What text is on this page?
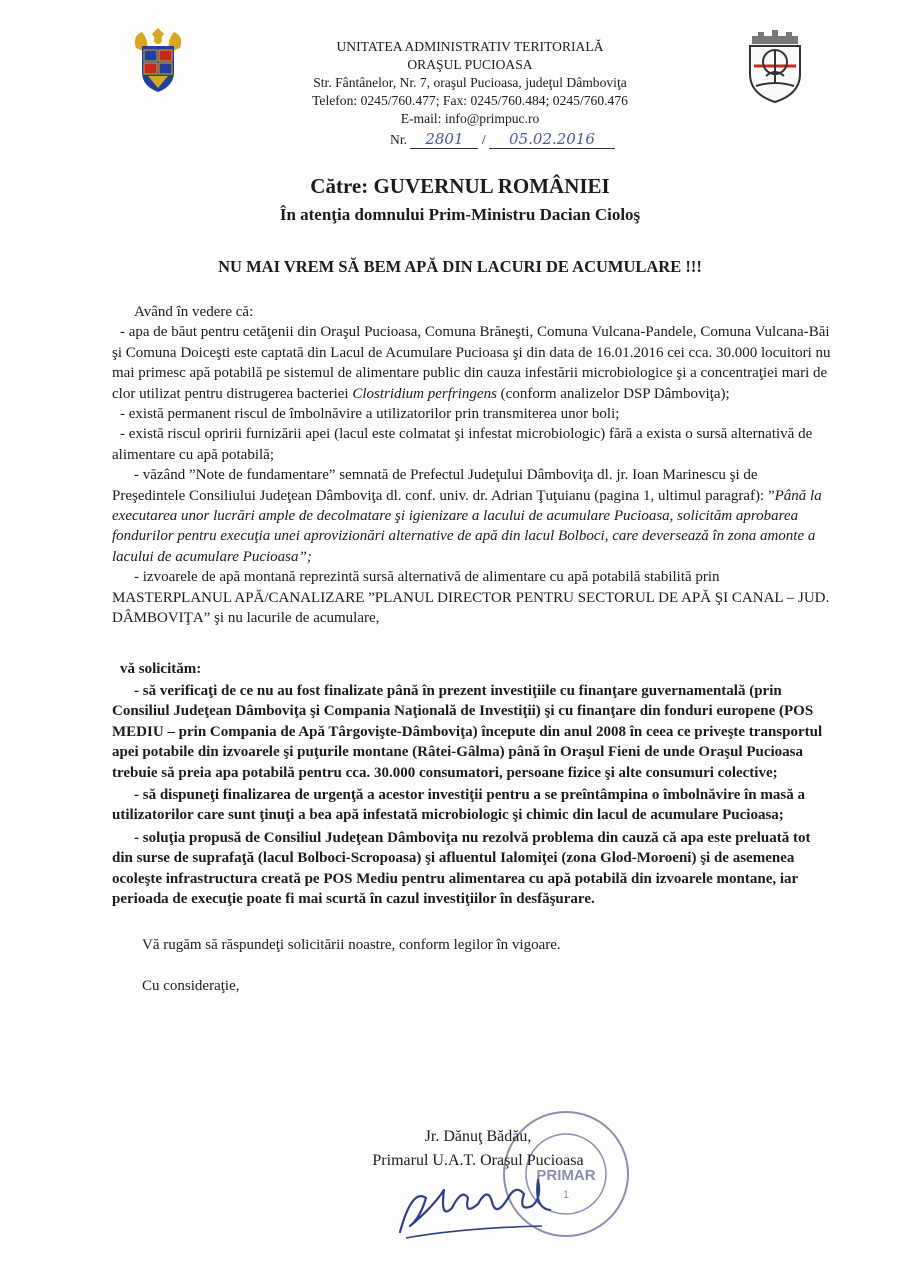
UNITATEA ADMINISTRATIV TERITORIALĂ
ORAŞUL PUCIOASA
Str. Fântânelor, Nr. 7, oraşul Pucioasa, judeţul Dâmboviţa
Telefon: 0245/760.477; Fax: 0245/760.484; 0245/760.476
E-mail: info@primpuc.ro
Nr. 2801 / 05.02.2016
Către: GUVERNUL ROMÂNIEI
În atenţia domnului Prim-Ministru Dacian Cioloş
NU MAI VREM SĂ BEM APĂ DIN LACURI DE ACUMULARE !!!

Având în vedere că:

- apa de băut pentru cetăţenii din Oraşul Pucioasa, Comuna Brăneşti, Comuna Vulcana-Pandele, Comuna Vulcana-Băi şi Comuna Doiceşti este captată din Lacul de Acumulare Pucioasa şi din data de 16.01.2016 cei cca. 30.000 locuitori nu mai primesc apă potabilă pe sistemul de alimentare public din cauza infestării microbiologice şi a concentraţiei mari de clor utilizat pentru distrugerea bacteriei Clostridium perfringens (conform analizelor DSP Dâmboviţa);

- există permanent riscul de îmbolnăvire a utilizatorilor prin transmiterea unor boli;

- există riscul opririi furnizării apei (lacul este colmatat şi infestat microbiologic) fără a exista o sursă alternativă de alimentare cu apă potabilă;

- văzând ”Note de fundamentare” semnată de Prefectul Judeţului Dâmboviţa dl. jr. Ioan Marinescu şi de Preşedintele Consiliului Judeţean Dâmboviţa dl. conf. univ. dr. Adrian Ţuţuianu (pagina 1, ultimul paragraf): ”Până la executarea unor lucrări ample de decolmatare şi igienizare a lacului de acumulare Pucioasa, solicităm aprobarea fondurilor pentru execuţia unei aprovizionări alternative de apă din lacul Bolboci, care deversează în zona amonte a lacului de acumulare Pucioasa”;

- izvoarele de apă montană reprezintă sursă alternativă de alimentare cu apă potabilă stabilită prin MASTERPLANUL APĂ/CANALIZARE ”PLANUL DIRECTOR PENTRU SECTORUL DE APĂ ŞI CANAL – JUD. DÂMBOVIŢA” şi nu lacurile de acumulare,

vă solicităm:

- să verificaţi de ce nu au fost finalizate până în prezent investiţiile cu finanţare guvernamentală (prin Consiliul Judeţean Dâmboviţa şi Compania Naţională de Investiţii) şi cu finanţare din fonduri europene (POS MEDIU – prin Compania de Apă Târgovişte-Dâmboviţa) începute din anul 2008 în ceea ce priveşte transportul apei potabile din izvoarele şi puţurile montane (Râtei-Gâlma) până în Oraşul Fieni de unde Oraşul Pucioasa trebuie să preia apa potabilă pentru cca. 30.000 consumatori, persoane fizice şi alte consumuri colective;

- să dispuneţi finalizarea de urgenţă a acestor investiţii pentru a se preîntâmpina o îmbolnăvire în masă a utilizatorilor care sunt ţinuţi a bea apă infestată microbiologic şi chimic din lacul de acumulare Pucioasa;

- soluţia propusă de Consiliul Judeţean Dâmboviţa nu rezolvă problema din cauză că apa este preluată tot din surse de suprafaţă (lacul Bolboci-Scropoasa) şi afluentul Ialomiţei (zona Glod-Moroeni) şi de asemenea ocoleşte infrastructura creată pe POS Mediu pentru alimentarea cu apă potabilă din izvoarele montane, iar perioada de execuţie poate fi mai scurtă în cazul investiţiilor în desfăşurare.

Vă rugăm să răspundeţi solicitării noastre, conform legilor în vigoare.

Cu consideraţie,

PRIMAR
1
Jr. Dănuţ Bădău,
Primarul U.A.T. Oraşul Pucioasa
